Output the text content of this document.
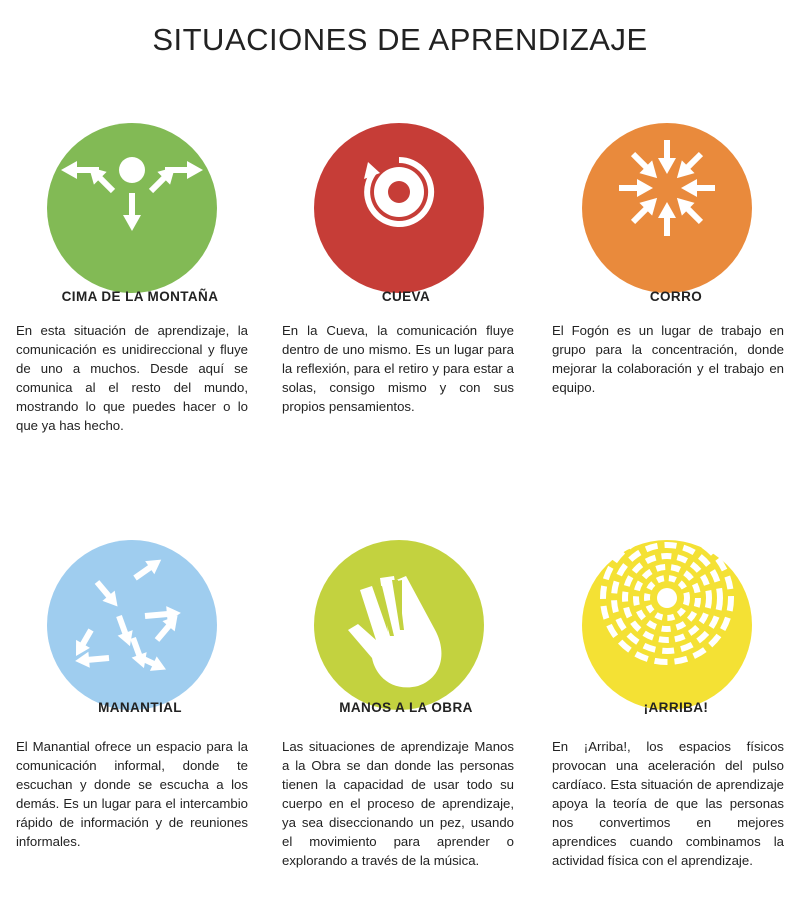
SITUACIONES DE APRENDIZAJE
CIMA DE LA MONTAÑA
En esta situación de aprendizaje, la comunicación es unidireccional y fluye de uno a muchos. Desde aquí se comunica al el resto del mundo, mostrando lo que puedes hacer o lo que ya has hecho.
CUEVA
En la Cueva, la comunicación fluye dentro de uno mismo. Es un lugar para la reflexión, para el retiro y para estar a solas, consigo mismo y con sus propios pensamientos.
CORRO
El Fogón es un lugar de trabajo en grupo para la concentración, donde mejorar la colaboración y el trabajo en equipo.
MANANTIAL
El Manantial ofrece un espacio para la comunicación informal, donde te escuchan y donde se escucha a los demás. Es un lugar para el intercambio rápido de información y de reuniones informales.
MANOS A LA OBRA
Las situaciones de aprendizaje Manos a la Obra se dan donde las personas tienen la capacidad de usar todo su cuerpo en el proceso de aprendizaje, ya sea diseccionando un pez, usando el movimiento para aprender o explorando a través de la música.
¡ARRIBA!
En ¡Arriba!, los espacios físicos provocan una aceleración del pulso cardíaco. Esta situación de aprendizaje apoya la teoría de que las personas nos convertimos en mejores aprendices cuando combinamos la actividad física con el aprendizaje.
